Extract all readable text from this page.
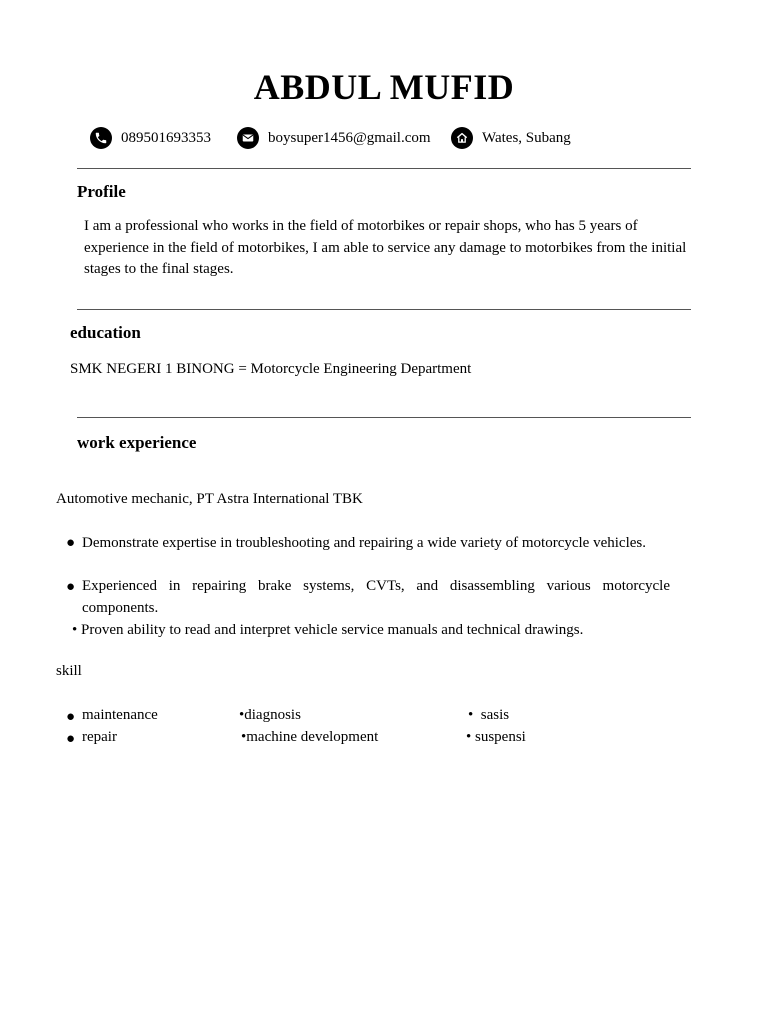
ABDUL MUFID
089501693353	boysuper1456@gmail.com	Wates, Subang
Profile
I am a professional who works in the field of motorbikes or repair shops, who has 5 years of experience in the field of motorbikes, I am able to service any damage to motorbikes from the initial stages to the final stages.
education
SMK NEGERI 1 BINONG = Motorcycle Engineering Department
work experience
Automotive mechanic, PT Astra International TBK
● Demonstrate expertise in troubleshooting and repairing a wide variety of motorcycle vehicles.
● Experienced in repairing brake systems, CVTs, and disassembling various motorcycle components.
• Proven ability to read and interpret vehicle service manuals and technical drawings.
skill
● maintenance
● repair
•diagnosis
•machine development
•  sasis
• suspensi
